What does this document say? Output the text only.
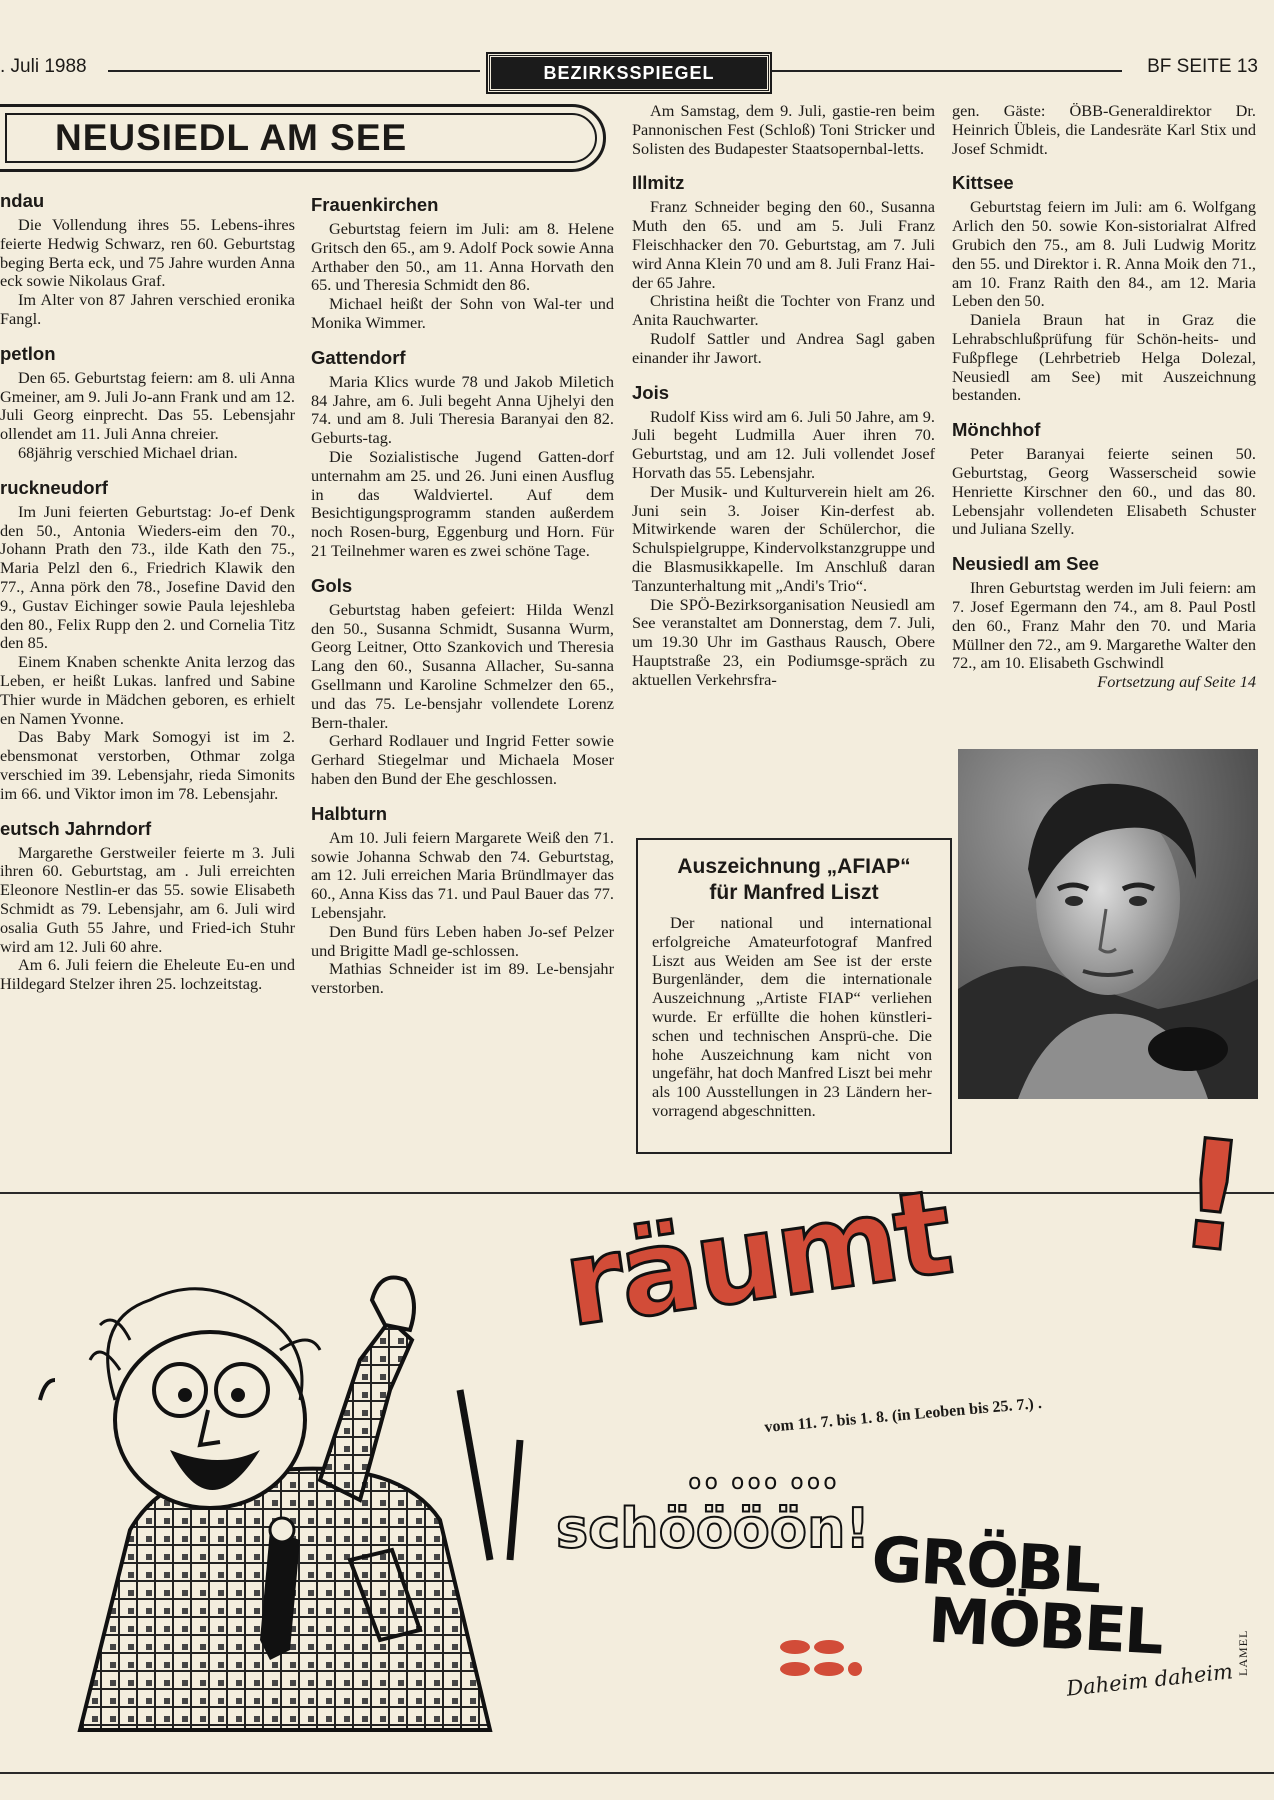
. Juli 1988	BEZIRKSSPIEGEL	BF SEITE 13
NEUSIEDL AM SEE
ndau

Die Vollendung ihres 55. Lebens-ihres feierte Hedwig Schwarz, ren 60. Geburtstag beging Berta eck, und 75 Jahre wurden Anna eck sowie Nikolaus Graf.

Im Alter von 87 Jahren verschied eronika Fangl.

petlon

Den 65. Geburtstag feiern: am 8. uli Anna Gmeiner, am 9. Juli Jo-ann Frank und am 12. Juli Georg einprecht. Das 55. Lebensjahr ollendet am 11. Juli Anna chreier.

68jährig verschied Michael drian.

ruckneudorf

Im Juni feierten Geburtstag: Jo-ef Denk den 50., Antonia Wieders-eim den 70., Johann Prath den 73., ilde Kath den 75., Maria Pelzl den 6., Friedrich Klawik den 77., Anna pörk den 78., Josefine David den 9., Gustav Eichinger sowie Paula lejeshleba den 80., Felix Rupp den 2. und Cornelia Titz den 85.

Einem Knaben schenkte Anita lerzog das Leben, er heißt Lukas. lanfred und Sabine Thier wurde in Mädchen geboren, es erhielt en Namen Yvonne.

Das Baby Mark Somogyi ist im 2. ebensmonat verstorben, Othmar zolga verschied im 39. Lebensjahr, rieda Simonits im 66. und Viktor imon im 78. Lebensjahr.

eutsch Jahrndorf

Margarethe Gerstweiler feierte m 3. Juli ihren 60. Geburtstag, am . Juli erreichten Eleonore Nestlin-er das 55. sowie Elisabeth Schmidt as 79. Lebensjahr, am 6. Juli wird osalia Guth 55 Jahre, und Fried-ich Stuhr wird am 12. Juli 60 ahre.

Am 6. Juli feiern die Eheleute Eu-en und Hildegard Stelzer ihren 25. lochzeitstag.

Frauenkirchen

Geburtstag feiern im Juli: am 8. Helene Gritsch den 65., am 9. Adolf Pock sowie Anna Arthaber den 50., am 11. Anna Horvath den 65. und Theresia Schmidt den 86.

Michael heißt der Sohn von Wal-ter und Monika Wimmer.

Gattendorf

Maria Klics wurde 78 und Jakob Miletich 84 Jahre, am 6. Juli begeht Anna Ujhelyi den 74. und am 8. Juli Theresia Baranyai den 82. Geburts-tag.

Die Sozialistische Jugend Gatten-dorf unternahm am 25. und 26. Juni einen Ausflug in das Waldviertel. Auf dem Besichtigungsprogramm standen außerdem noch Rosen-burg, Eggenburg und Horn. Für 21 Teilnehmer waren es zwei schöne Tage.

Gols

Geburtstag haben gefeiert: Hilda Wenzl den 50., Susanna Schmidt, Susanna Wurm, Georg Leitner, Otto Szankovich und Theresia Lang den 60., Susanna Allacher, Su-sanna Gsellmann und Karoline Schmelzer den 65., und das 75. Le-bensjahr vollendete Lorenz Bern-thaler.

Gerhard Rodlauer und Ingrid Fetter sowie Gerhard Stiegelmar und Michaela Moser haben den Bund der Ehe geschlossen.

Halbturn

Am 10. Juli feiern Margarete Weiß den 71. sowie Johanna Schwab den 74. Geburtstag, am 12. Juli erreichen Maria Bründlmayer das 60., Anna Kiss das 71. und Paul Bauer das 77. Lebensjahr.

Den Bund fürs Leben haben Jo-sef Pelzer und Brigitte Madl ge-schlossen.

Mathias Schneider ist im 89. Le-bensjahr verstorben.

Am Samstag, dem 9. Juli, gastie-ren beim Pannonischen Fest (Schloß) Toni Stricker und Solisten des Budapester Staatsopernbal-letts.

Illmitz

Franz Schneider beging den 60., Susanna Muth den 65. und am 5. Juli Franz Fleischhacker den 70. Geburtstag, am 7. Juli wird Anna Klein 70 und am 8. Juli Franz Hai-der 65 Jahre.

Christina heißt die Tochter von Franz und Anita Rauchwarter.

Rudolf Sattler und Andrea Sagl gaben einander ihr Jawort.

Jois

Rudolf Kiss wird am 6. Juli 50 Jahre, am 9. Juli begeht Ludmilla Auer ihren 70. Geburtstag, und am 12. Juli vollendet Josef Horvath das 55. Lebensjahr.

Der Musik- und Kulturverein hielt am 26. Juni sein 3. Joiser Kin-derfest ab. Mitwirkende waren der Schülerchor, die Schulspielgruppe, Kindervolkstanzgruppe und die Blasmusikkapelle. Im Anschluß daran Tanzunterhaltung mit „Andi's Trio“.

Die SPÖ-Bezirksorganisation Neusiedl am See veranstaltet am Donnerstag, dem 7. Juli, um 19.30 Uhr im Gasthaus Rausch, Obere Hauptstraße 23, ein Podiumsge-spräch zu aktuellen Verkehrsfra-

gen. Gäste: ÖBB-Generaldirektor Dr. Heinrich Übleis, die Landesräte Karl Stix und Josef Schmidt.

Kittsee

Geburtstag feiern im Juli: am 6. Wolfgang Arlich den 50. sowie Kon-sistorialrat Alfred Grubich den 75., am 8. Juli Ludwig Moritz den 55. und Direktor i. R. Anna Moik den 71., am 10. Franz Raith den 84., am 12. Maria Leben den 50.

Daniela Braun hat in Graz die Lehrabschlußprüfung für Schön-heits- und Fußpflege (Lehrbetrieb Helga Dolezal, Neusiedl am See) mit Auszeichnung bestanden.

Mönchhof

Peter Baranyai feierte seinen 50. Geburtstag, Georg Wasserscheid sowie Henriette Kirschner den 60., und das 80. Lebensjahr vollendeten Elisabeth Schuster und Juliana Szelly.

Neusiedl am See

Ihren Geburtstag werden im Juli feiern: am 7. Josef Egermann den 74., am 8. Paul Postl den 60., Franz Mahr den 70. und Maria Müllner den 72., am 9. Margarethe Walter den 72., am 10. Elisabeth Gschwindl

Fortsetzung auf Seite 14

Auszeichnung „AFIAP“
für Manfred Liszt

Der national und international erfolgreiche Amateurfotograf Manfred Liszt aus Weiden am See ist der erste Burgenländer, dem die internationale Auszeichnung „Artiste FIAP“ verliehen wurde. Er erfüllte die hohen künstleri-schen und technischen Ansprü-che. Die hohe Auszeichnung kam nicht von ungefähr, hat doch Manfred Liszt bei mehr als 100 Ausstellungen in 23 Ländern her-vorragend abgeschnitten.

räumt !
vom 11. 7. bis 1. 8. (in Leoben bis 25. 7.) .
oo ooo ooo
schöööön! GRÖBL
MÖBEL
Daheim daheim
LAMEL
